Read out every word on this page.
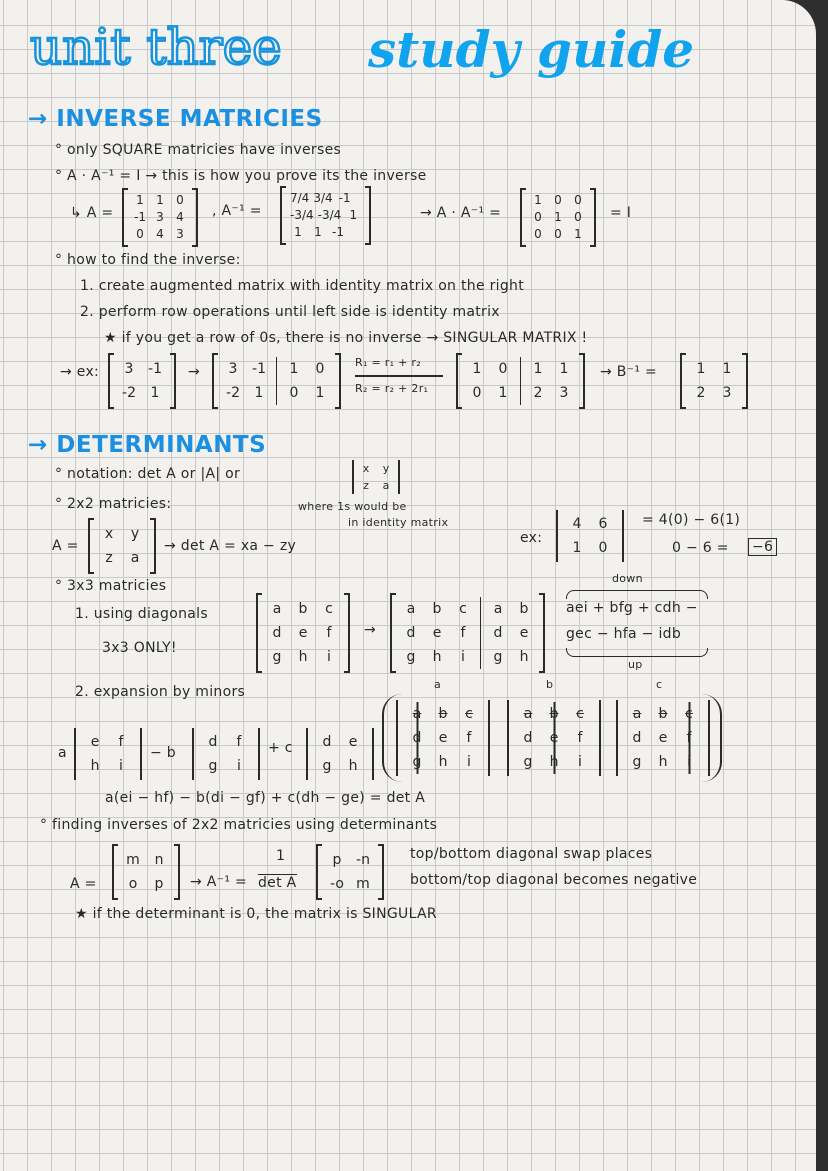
unit three study guide
→ INVERSE MATRICIES
° only SQUARE matricies have inverses
° A · A⁻¹ = I → this is how you prove its the inverse
↳ A =
1	1	0
-1 3	4
0	4	3
, A⁻¹ =
7/4 3/4 -1
-3/4 -3/4 1
1	1 -1
→ A · A⁻¹ =
1	0	0
0	1	0
0	0	1
= I
° how to find the inverse:
1. create augmented matrix with identity matrix on the right
2. perform row operations until left side is identity matrix
★ if you get a row of 0s, there is no inverse → SINGULAR MATRIX !
→ ex:	3	-1
-2	1
→	3	-1	1	0
-2	1	0	1
R₁ = r₁ + r₂
R₂ = r₂ + 2r₁
1	0	1	1
0	1	2	3
→ B⁻¹ =	1	1
2	3
→ DETERMINANTS
° notation: det A or |A| or	x	y
z	a
° 2x2 matricies:	where 1s would be
in identity matrix
A =
x	y
z	a
→ det A = xa − zy	ex:
4	6
1	0
= 4(0) − 6(1)
0 − 6 = −6
° 3x3 matricies
1. using diagonals
3x3 ONLY!
a	b	c
d	e	f
g	h	i
→
a	b	c	a	b
d	e	f	d	e
g	h	i	g	h
down
aei + bfg + cdh −
gec − hfa − idb
up
2. expansion by minors	a	b	c
a
e	f
h	i
− b
d	f
g	i
+ c	d	e
g	h
a	b	c
d	e	f
g	h	i
a	b	c
d	e	f
g	h	i
a	b	c
d	e	f
g	h	i
a(ei − hf) − b(di − gf) + c(dh − ge) = det A
° finding inverses of 2x2 matricies using determinants
A =
m	n
o	p	→ A⁻¹ =
1
det A
p	-n
-o m
top/bottom diagonal swap places
bottom/top diagonal becomes negative
★ if the determinant is 0, the matrix is SINGULAR
